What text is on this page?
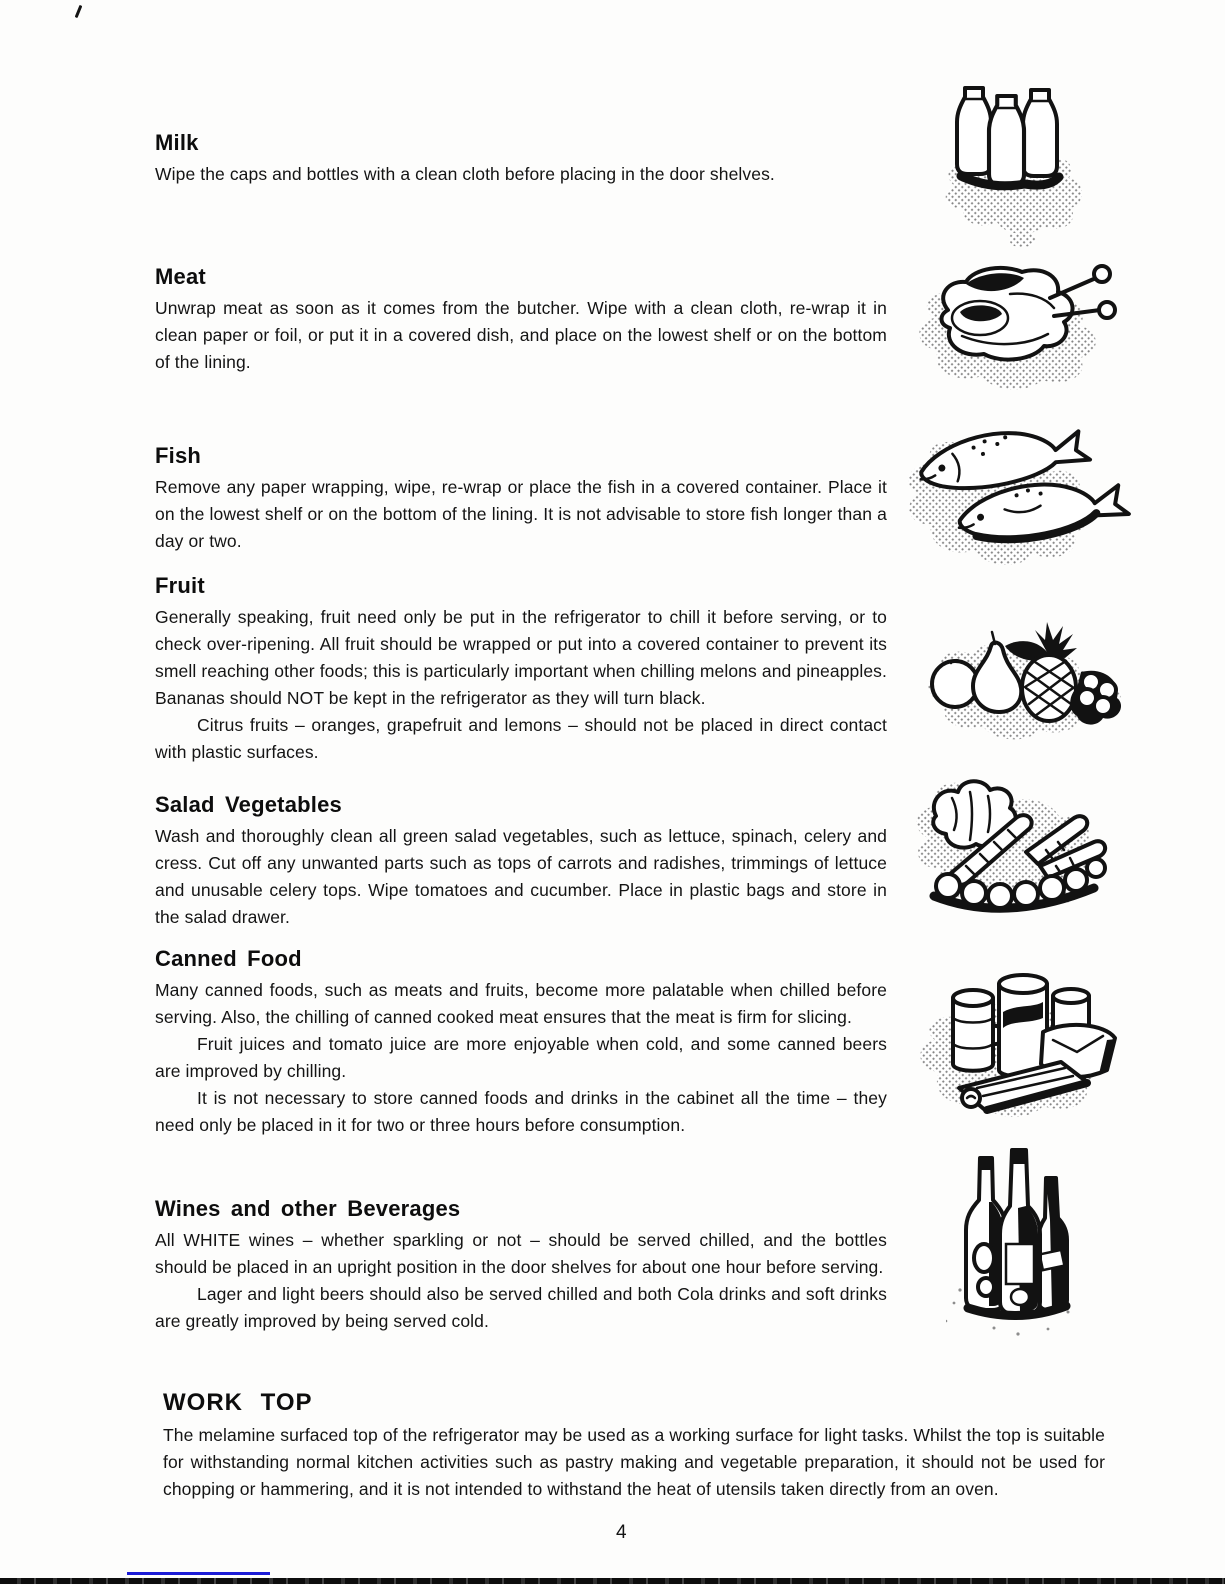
Milk

Wipe the caps and bottles with a clean cloth before placing in the door shelves.

Meat

Unwrap meat as soon as it comes from the butcher. Wipe with a clean cloth, re-wrap it in clean paper or foil, or put it in a covered dish, and place on the lowest shelf or on the bottom of the lining.

Fish

Remove any paper wrapping, wipe, re-wrap or place the fish in a covered container. Place it on the lowest shelf or on the bottom of the lining. It is not advisable to store fish longer than a day or two.

Fruit

Generally speaking, fruit need only be put in the refrigerator to chill it before serving, or to check over-ripening. All fruit should be wrapped or put into a covered container to prevent its smell reaching other foods; this is particularly important when chilling melons and pineapples. Bananas should NOT be kept in the refrigerator as they will turn black.

Citrus fruits – oranges, grapefruit and lemons – should not be placed in direct contact with plastic surfaces.

Salad Vegetables

Wash and thoroughly clean all green salad vegetables, such as lettuce, spinach, celery and cress. Cut off any unwanted parts such as tops of carrots and radishes, trimmings of lettuce and unusable celery tops. Wipe tomatoes and cucumber. Place in plastic bags and store in the salad drawer.

Canned Food

Many canned foods, such as meats and fruits, become more palatable when chilled before serving. Also, the chilling of canned cooked meat ensures that the meat is firm for slicing.

Fruit juices and tomato juice are more enjoyable when cold, and some canned beers are improved by chilling.

It is not necessary to store canned foods and drinks in the cabinet all the time – they need only be placed in it for two or three hours before consumption.

Wines and other Beverages

All WHITE wines – whether sparkling or not – should be served chilled, and the bottles should be placed in an upright position in the door shelves for about one hour before serving.

Lager and light beers should also be served chilled and both Cola drinks and soft drinks are greatly improved by being served cold.

WORK TOP

The melamine surfaced top of the refrigerator may be used as a working surface for light tasks. Whilst the top is suitable for withstanding normal kitchen activities such as pastry making and vegetable preparation, it should not be used for chopping or hammering, and it is not intended to withstand the heat of utensils taken directly from an oven.

4
